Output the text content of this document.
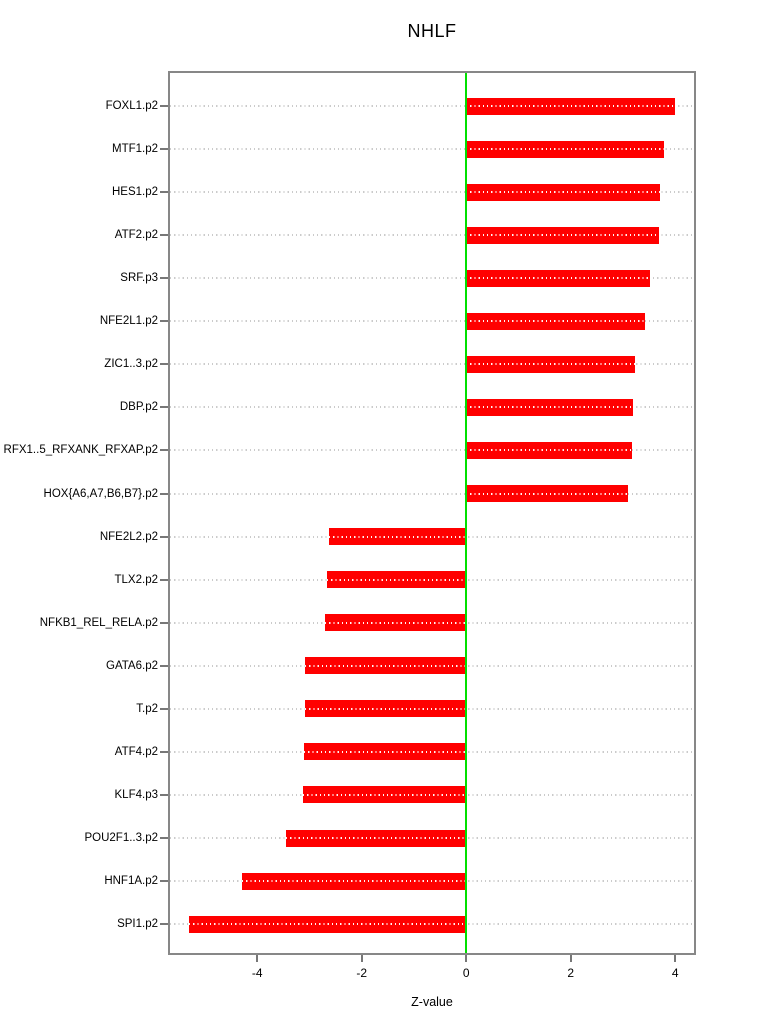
NHLF
Z-value
FOXL1.p2
MTF1.p2
HES1.p2
ATF2.p2
SRF.p3
NFE2L1.p2
ZIC1..3.p2
DBP.p2
RFX1..5_RFXANK_RFXAP.p2
HOX{A6,A7,B6,B7}.p2
NFE2L2.p2
TLX2.p2
NFKB1_REL_RELA.p2
GATA6.p2
T.p2
ATF4.p2
KLF4.p3
POU2F1..3.p2
HNF1A.p2
SPI1.p2
-4	-2	0	2	4
